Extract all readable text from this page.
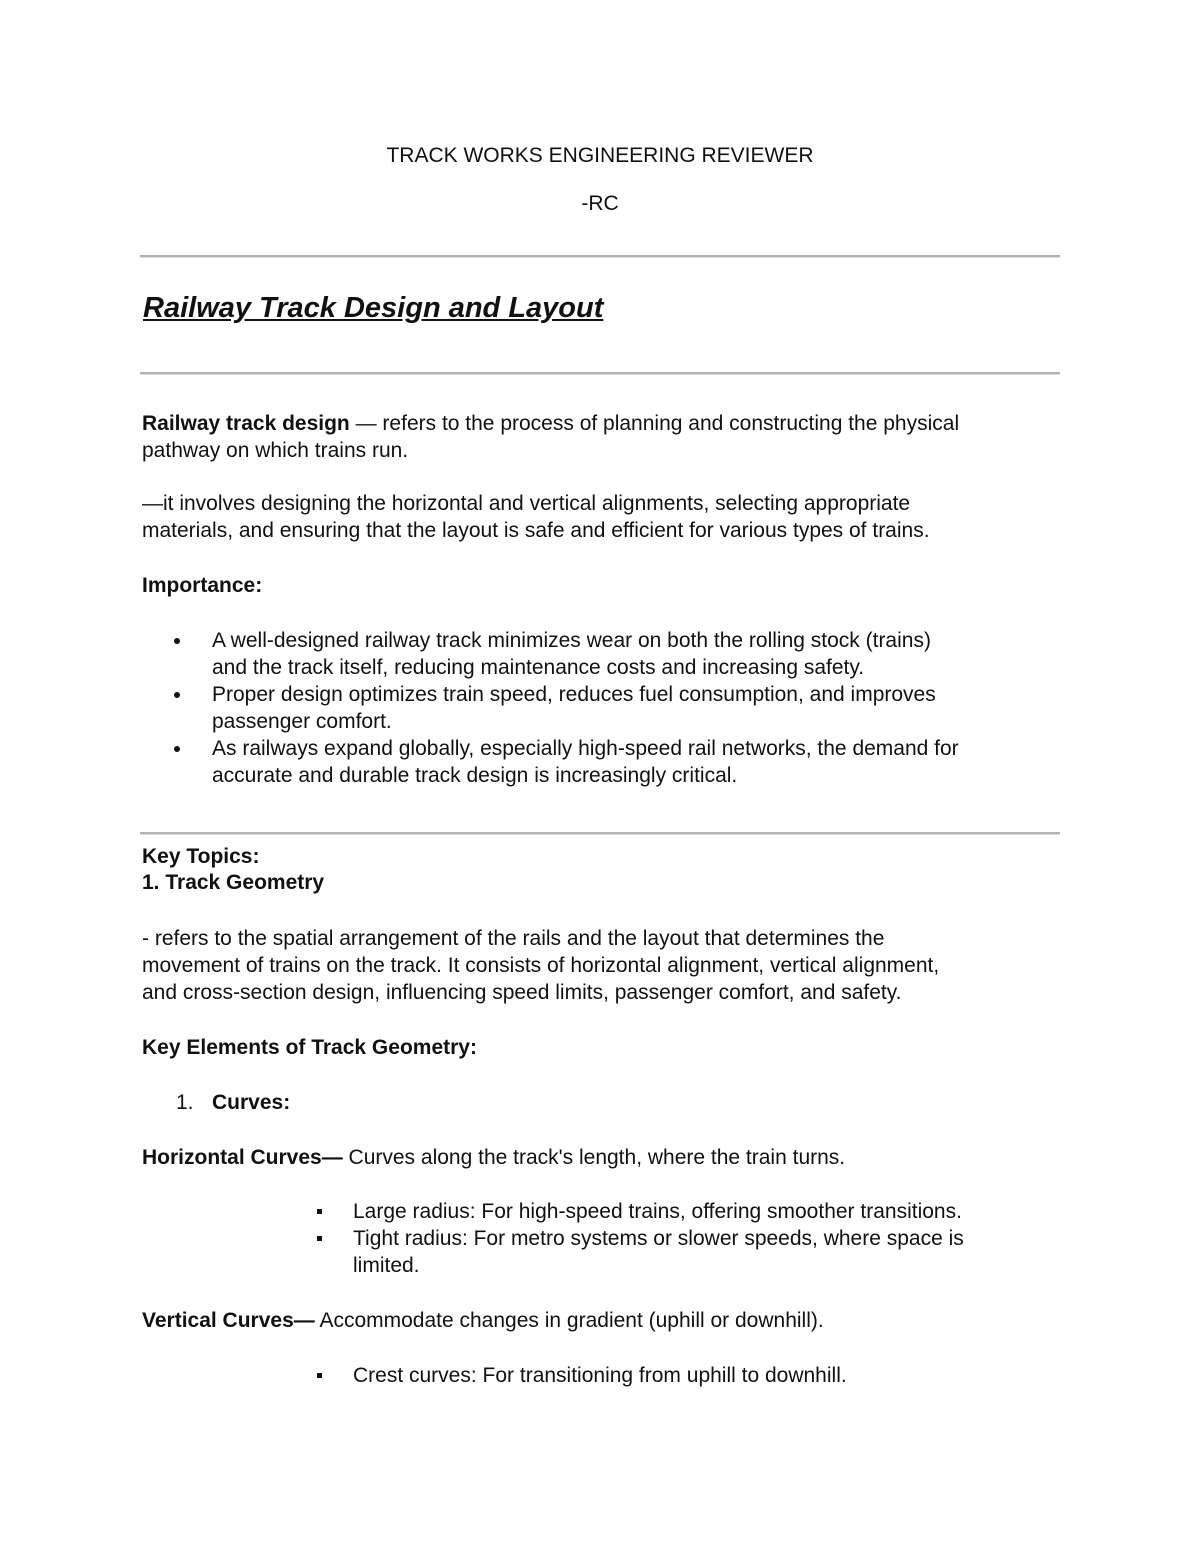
TRACK WORKS ENGINEERING REVIEWER
-RC
Railway Track Design and Layout
Railway track design — refers to the process of planning and constructing the physical
pathway on which trains run.
—it involves designing the horizontal and vertical alignments, selecting appropriate
materials, and ensuring that the layout is safe and efficient for various types of trains.
Importance:
A well-designed railway track minimizes wear on both the rolling stock (trains)
and the track itself, reducing maintenance costs and increasing safety.
Proper design optimizes train speed, reduces fuel consumption, and improves
passenger comfort.
As railways expand globally, especially high-speed rail networks, the demand for
accurate and durable track design is increasingly critical.
Key Topics:
1. Track Geometry
- refers to the spatial arrangement of the rails and the layout that determines the
movement of trains on the track. It consists of horizontal alignment, vertical alignment,
and cross-section design, influencing speed limits, passenger comfort, and safety.
Key Elements of Track Geometry:
1. Curves:
Horizontal Curves— Curves along the track's length, where the train turns.
Large radius: For high-speed trains, offering smoother transitions.
Tight radius: For metro systems or slower speeds, where space is
limited.
Vertical Curves— Accommodate changes in gradient (uphill or downhill).
Crest curves: For transitioning from uphill to downhill.
